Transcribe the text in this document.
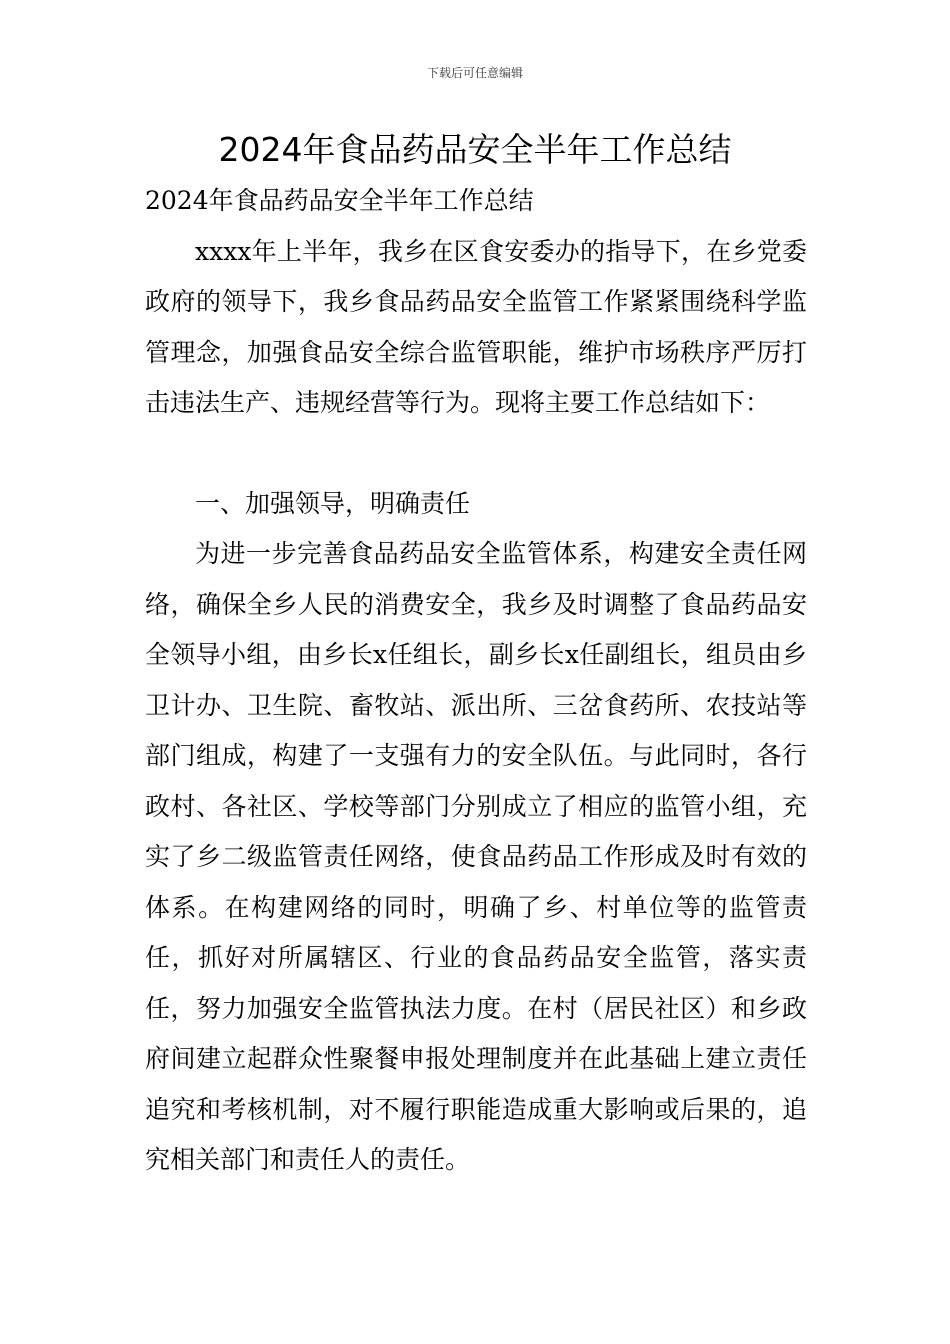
下载后可任意编辑
2024年食品药品安全半年工作总结

2024年食品药品安全半年工作总结

xxxx年上半年，我乡在区食安委办的指导下，在乡党委政府的领导下，我乡食品药品安全监管工作紧紧围绕科学监管理念，加强食品安全综合监管职能，维护市场秩序严厉打击违法生产、违规经营等行为。现将主要工作总结如下：

一、加强领导，明确责任

为进一步完善食品药品安全监管体系，构建安全责任网络，确保全乡人民的消费安全，我乡及时调整了食品药品安全领导小组，由乡长x任组长，副乡长x任副组长，组员由乡卫计办、卫生院、畜牧站、派出所、三岔食药所、农技站等部门组成，构建了一支强有力的安全队伍。与此同时，各行政村、各社区、学校等部门分别成立了相应的监管小组，充实了乡二级监管责任网络，使食品药品工作形成及时有效的体系。在构建网络的同时，明确了乡、村单位等的监管责任，抓好对所属辖区、行业的食品药品安全监管，落实责任，努力加强安全监管执法力度。在村（居民社区）和乡政府间建立起群众性聚餐申报处理制度并在此基础上建立责任追究和考核机制，对不履行职能造成重大影响或后果的，追究相关部门和责任人的责任。
